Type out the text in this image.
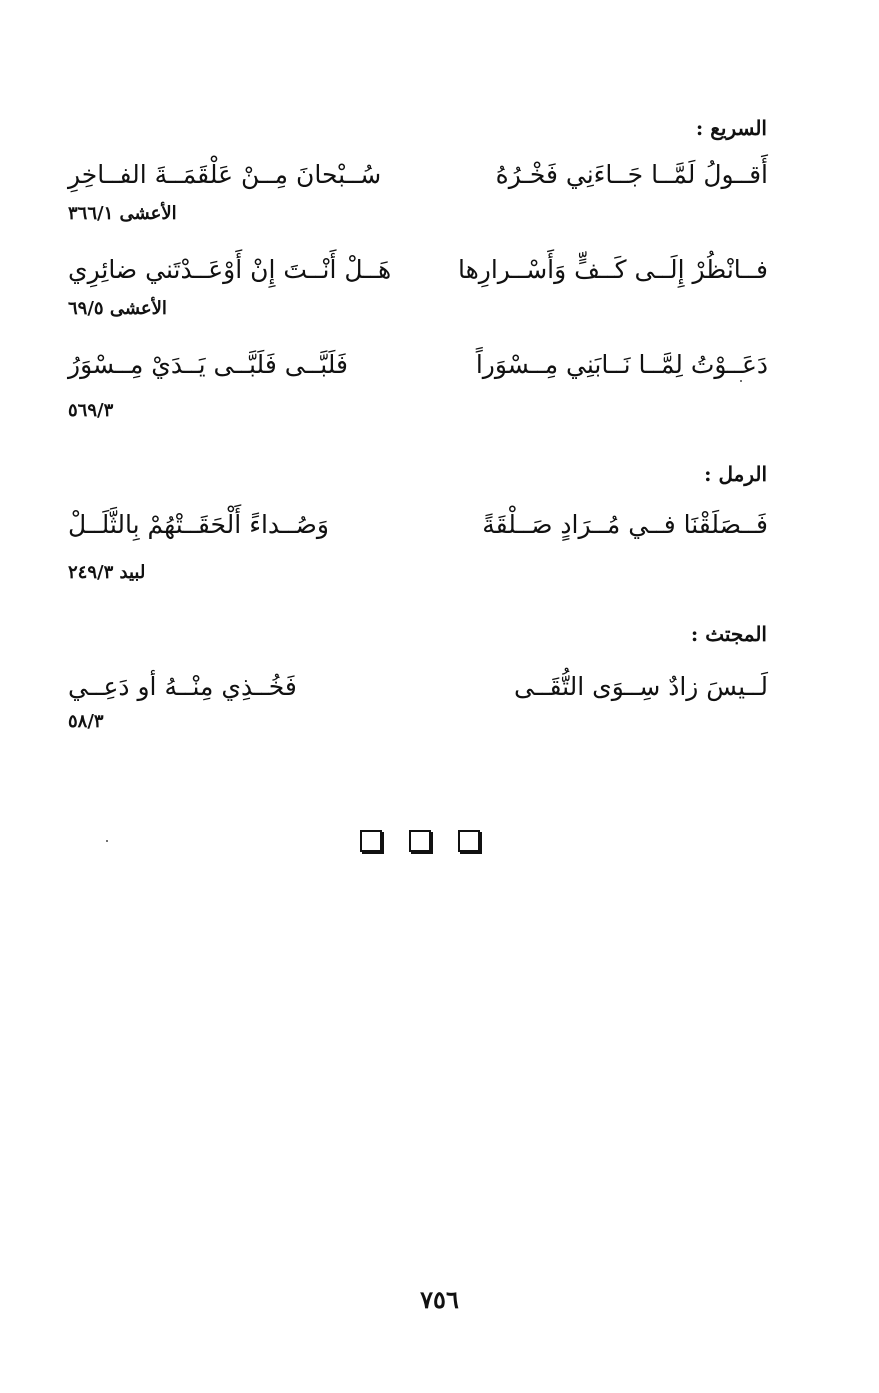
السريع :
أَقــولُ لَمَّــا جَــاءَنِي فَخْـرُهُ
سُــبْحانَ مِــنْ عَلْقَمَــةَ الفــاخِرِ
الأعشى ٣٦٦/١
فــانْظُرْ إِلَــى كَــفٍّ وَأَسْــرارِها
هَــلْ أَنْــتَ إِنْ أَوْعَــدْتَني ضائِرِي
الأعشى ٦٩/٥
دَعَــوْتُ لِمَّــا نَــابَنِي مِــسْوَراً
فَلَبَّــى فَلَبَّــى يَــدَيْ مِــسْوَرُ
٥٦٩/٣
الرمل :
فَــصَلَقْنَا فــي مُــرَادٍ صَــلْقَةً
وَصُــداءً أَلْحَقَــتْهُمْ بِالثَّلَــلْ
لبيد ٢٤٩/٣
المجتث :
لَــيسَ زادٌ سِــوَى التُّقَــى
فَخُــذِي مِنْــهُ أو دَعِــي
٥٨/٣
٧٥٦
